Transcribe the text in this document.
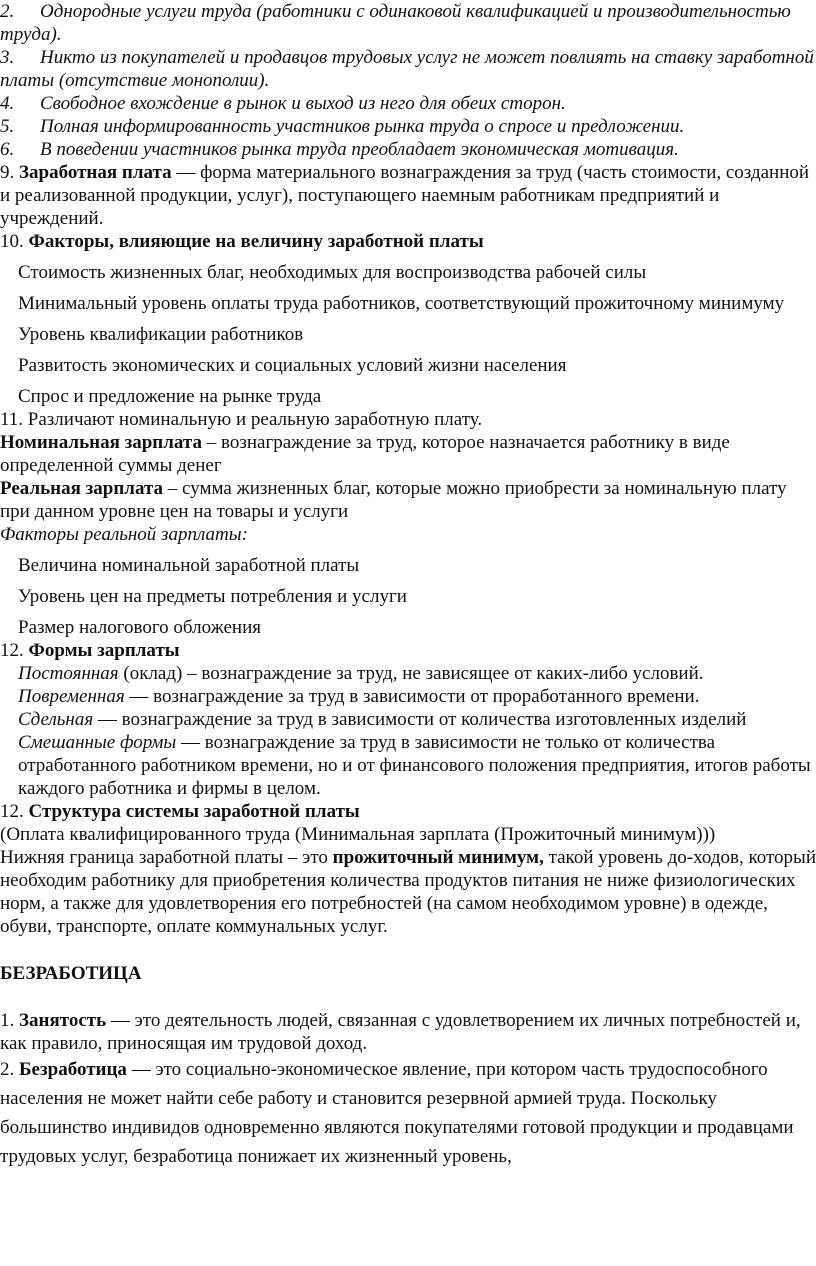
2. Однородные услуги труда (работники с одинаковой квалификацией и производительностью труда).

3. Никто из покупателей и продавцов трудовых услуг не может повлиять на ставку заработной платы (отсутствие монополии).

4. Свободное вхождение в рынок и выход из него для обеих сторон.

5. Полная информированность участников рынка труда о спросе и предложении.

6. В поведении участников рынка труда преобладает экономическая мотивация.

9. Заработная плата — форма материального вознаграждения за труд (часть стоимости, созданной и реализованной продукции, услуг), поступающего наемным работникам предприятий и учреждений.

10. Факторы, влияющие на величину заработной платы

Стоимость жизненных благ, необходимых для воспроизводства рабочей силы

Минимальный уровень оплаты труда работников, соответствующий прожиточному минимуму

Уровень квалификации работников

Развитость экономических и социальных условий жизни населения

Спрос и предложение на рынке труда

11. Различают номинальную и реальную заработную плату.

Номинальная зарплата – вознаграждение за труд, которое назначается работнику в виде определенной суммы денег

Реальная зарплата – сумма жизненных благ, которые можно приобрести за номинальную плату при данном уровне цен на товары и услуги

Факторы реальной зарплаты:

Величина номинальной заработной платы

Уровень цен на предметы потребления и услуги

Размер налогового обложения

12. Формы зарплаты

Постоянная (оклад) – вознаграждение за труд, не зависящее от каких-либо условий.

Повременная — вознаграждение за труд в зависимости от проработанного времени.

Сдельная — вознаграждение за труд в зависимости от количества изготовленных изделий

Смешанные формы — вознаграждение за труд в зависимости не только от количества отработанного работником времени, но и от финансового положения предприятия, итогов работы каждого работника и фирмы в целом.

12. Структура системы заработной платы

(Оплата квалифицированного труда (Минимальная зарплата (Прожиточный минимум)))

Нижняя граница заработной платы – это прожиточный минимум, такой уровень до-ходов, который необходим работнику для приобретения количества продуктов питания не ниже физиологических норм, а также для удовлетворения его потребностей (на самом необходимом уровне) в одежде, обуви, транспорте, оплате коммунальных услуг.

БЕЗРАБОТИЦА

1. Занятость — это деятельность людей, связанная с удовлетворением их личных потребностей и, как правило, приносящая им трудовой доход.

2. Безработица — это социально-экономическое явление, при котором часть трудоспособного населения не может найти себе работу и становится резервной армией труда. Поскольку большинство индивидов одновременно являются покупателями готовой продукции и продавцами трудовых услуг, безработица понижает их жизненный уровень,
